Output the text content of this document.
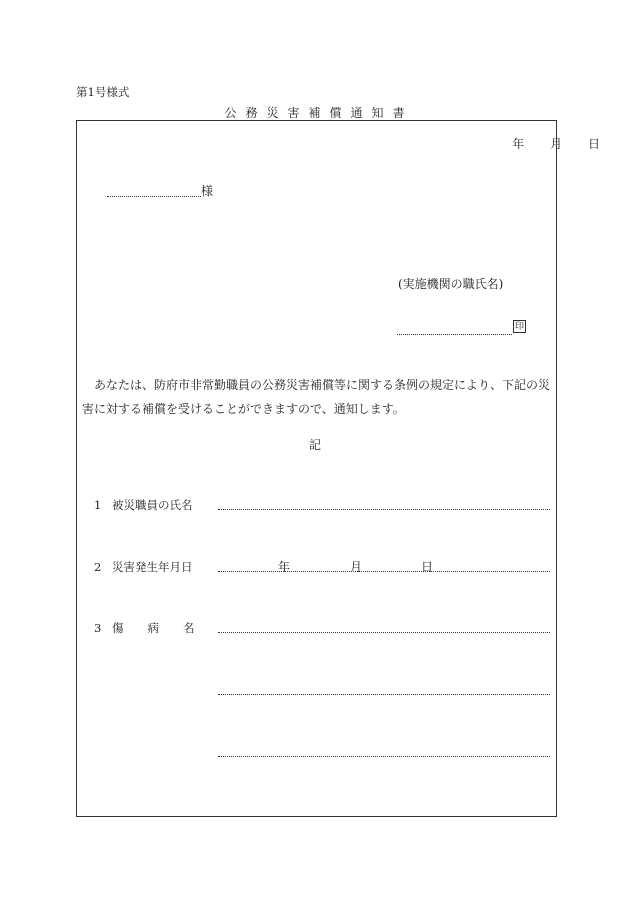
第1号様式
公務災害補償通知書
年 月 日
様
(実施機関の職氏名)
印
あなたは、防府市非常勤職員の公務災害補償等に関する条例の規定により、下記の災害に対する補償を受けることができますので、通知します。
記
1 被災職員の氏名
2 災害発生年月日	年	月	日
3 傷病名
